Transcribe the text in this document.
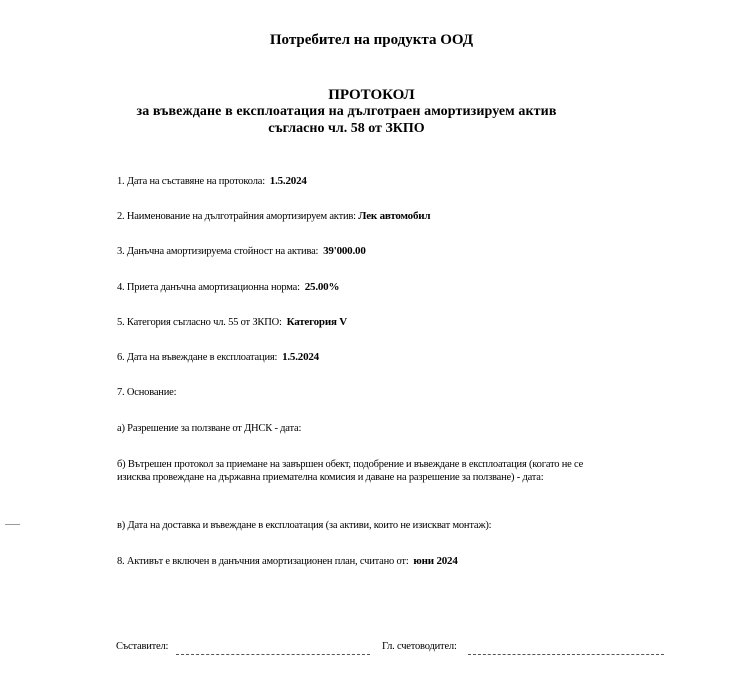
Потребител на продукта ООД
ПРОТОКОЛ
за въвеждане в експлоатация на дълготраен амортизируем актив
съгласно чл. 58 от ЗКПО
1. Дата на съставяне на протокола: 1.5.2024
2. Наименование на дълготрайния амортизируем актив: Лек автомобил
3. Данъчна амортизируема стойност на актива: 39'000.00
4. Приета данъчна амортизационна норма: 25.00%
5. Категория съгласно чл. 55 от ЗКПО: Категория V
6. Дата на въвеждане в експлоатация: 1.5.2024
7. Основание:
а) Разрешение за ползване от ДНСК - дата:
б) Вътрешен протокол за приемане на завършен обект, подобрение и въвеждане в експлоатация (когато не се изисква провеждане на държавна приемателна комисия и даване на разрешение за ползване) - дата:
в) Дата на доставка и въвеждане в експлоатация (за активи, които не изискват монтаж):
8. Активът е включен в данъчния амортизационен план, считано от: юни 2024
Съставител:	Гл. счетоводител:
